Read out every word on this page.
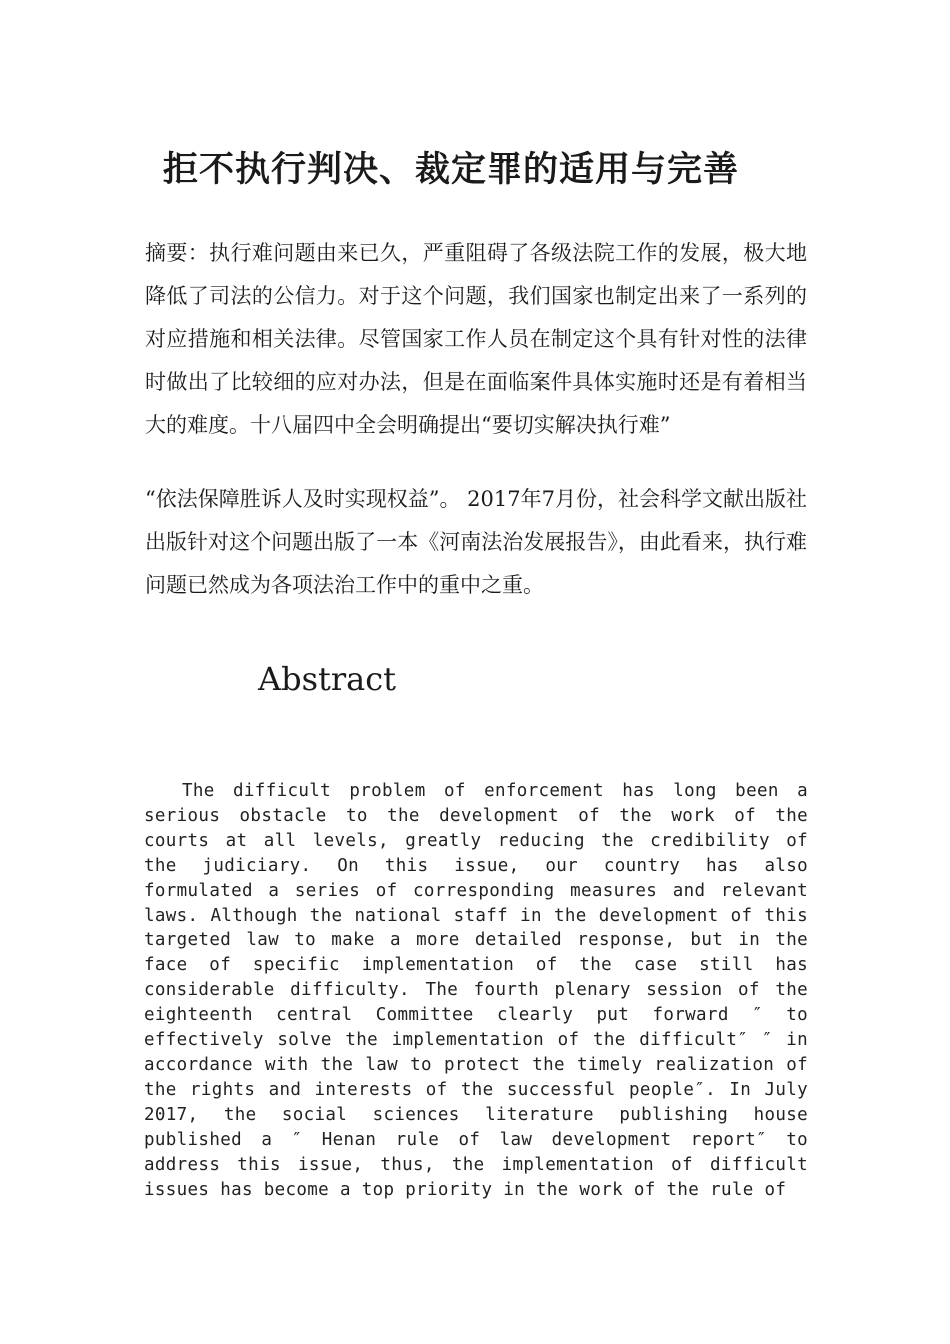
拒不执行判决、裁定罪的适用与完善

摘要：执行难问题由来已久，严重阻碍了各级法院工作的发展，极大地降低了司法的公信力。对于这个问题，我们国家也制定出来了一系列的对应措施和相关法律。尽管国家工作人员在制定这个具有针对性的法律时做出了比较细的应对办法，但是在面临案件具体实施时还是有着相当大的难度。十八届四中全会明确提出“要切实解决执行难”

“依法保障胜诉人及时实现权益”。 2017年7月份，社会科学文献出版社出版针对这个问题出版了一本《河南法治发展报告》，由此看来，执行难问题已然成为各项法治工作中的重中之重。

Abstract

The difficult problem of enforcement has long been a serious obstacle to the development of the work of the courts at all levels, greatly reducing the credibility of the judiciary. On this issue, our country has also formulated a series of corresponding measures and relevant laws. Although the national staff in the development of this targeted law to make a more detailed response, but in the face of specific implementation of the case still has considerable difficulty. The fourth plenary session of the eighteenth central Committee clearly put forward ″ to effectively solve the implementation of the difficult″ ″ in accordance with the law to protect the timely realization of the rights and interests of the successful people″. In July 2017, the social sciences literature publishing house published a ″ Henan rule of law development report″ to address this issue, thus, the implementation of difficult issues has become a top priority in the work of the rule of
